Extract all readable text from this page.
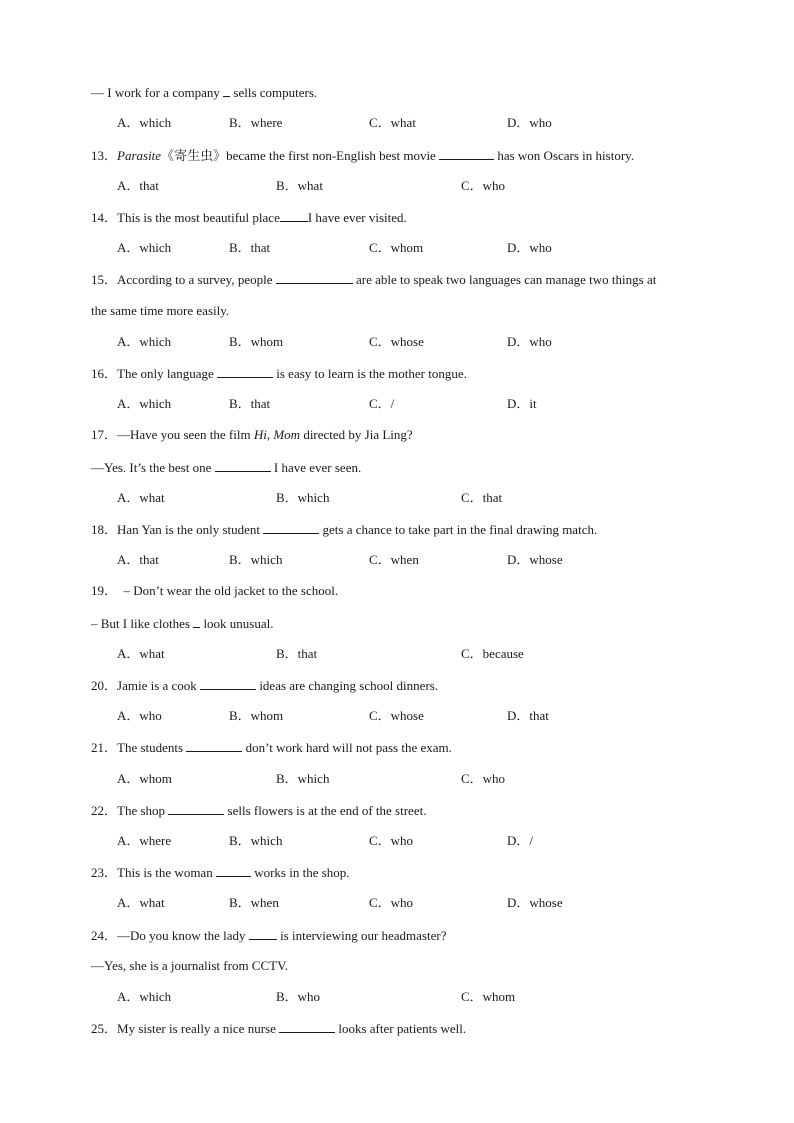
— I work for a company  sells computers.
A．which	B．where	C．what	D．who
13．Parasite《寄生虫》became the first non-English best movie	has won Oscars in history.
A．that	B．what	C．who
14．This is the most beautiful place I have ever visited.
A．which	B．that	C．whom	D．who
15．According to a survey, people	are able to speak two languages can manage two things at
the same time more easily.
A．which	B．whom	C．whose	D．who
16．The only language	is easy to learn is the mother tongue.
A．which	B．that	C．/	D．it
17．—Have you seen the film Hi, Mom directed by Jia Ling?
—Yes. It’s the best one	I have ever seen.
A．what	B．which	C．that
18．Han Yan is the only student	gets a chance to take part in the final drawing match.
A．that	B．which	C．when	D．whose
19．  – Don’t wear the old jacket to the school.
– But I like clothes  look unusual.
A．what	B．that	C．because
20．Jamie is a cook	ideas are changing school dinners.
A．who	B．whom	C．whose	D．that
21．The students	don’t work hard will not pass the exam.
A．whom	B．which	C．who
22．The shop	sells flowers is at the end of the street.
A．where	B．which	C．who	D．/
23．This is the woman	works in the shop.
A．what	B．when	C．who	D．whose
24．—Do you know the lady  is interviewing our headmaster?
—Yes, she is a journalist from CCTV.
A．which	B．who	C．whom
25．My sister is really a nice nurse	looks after patients well.
